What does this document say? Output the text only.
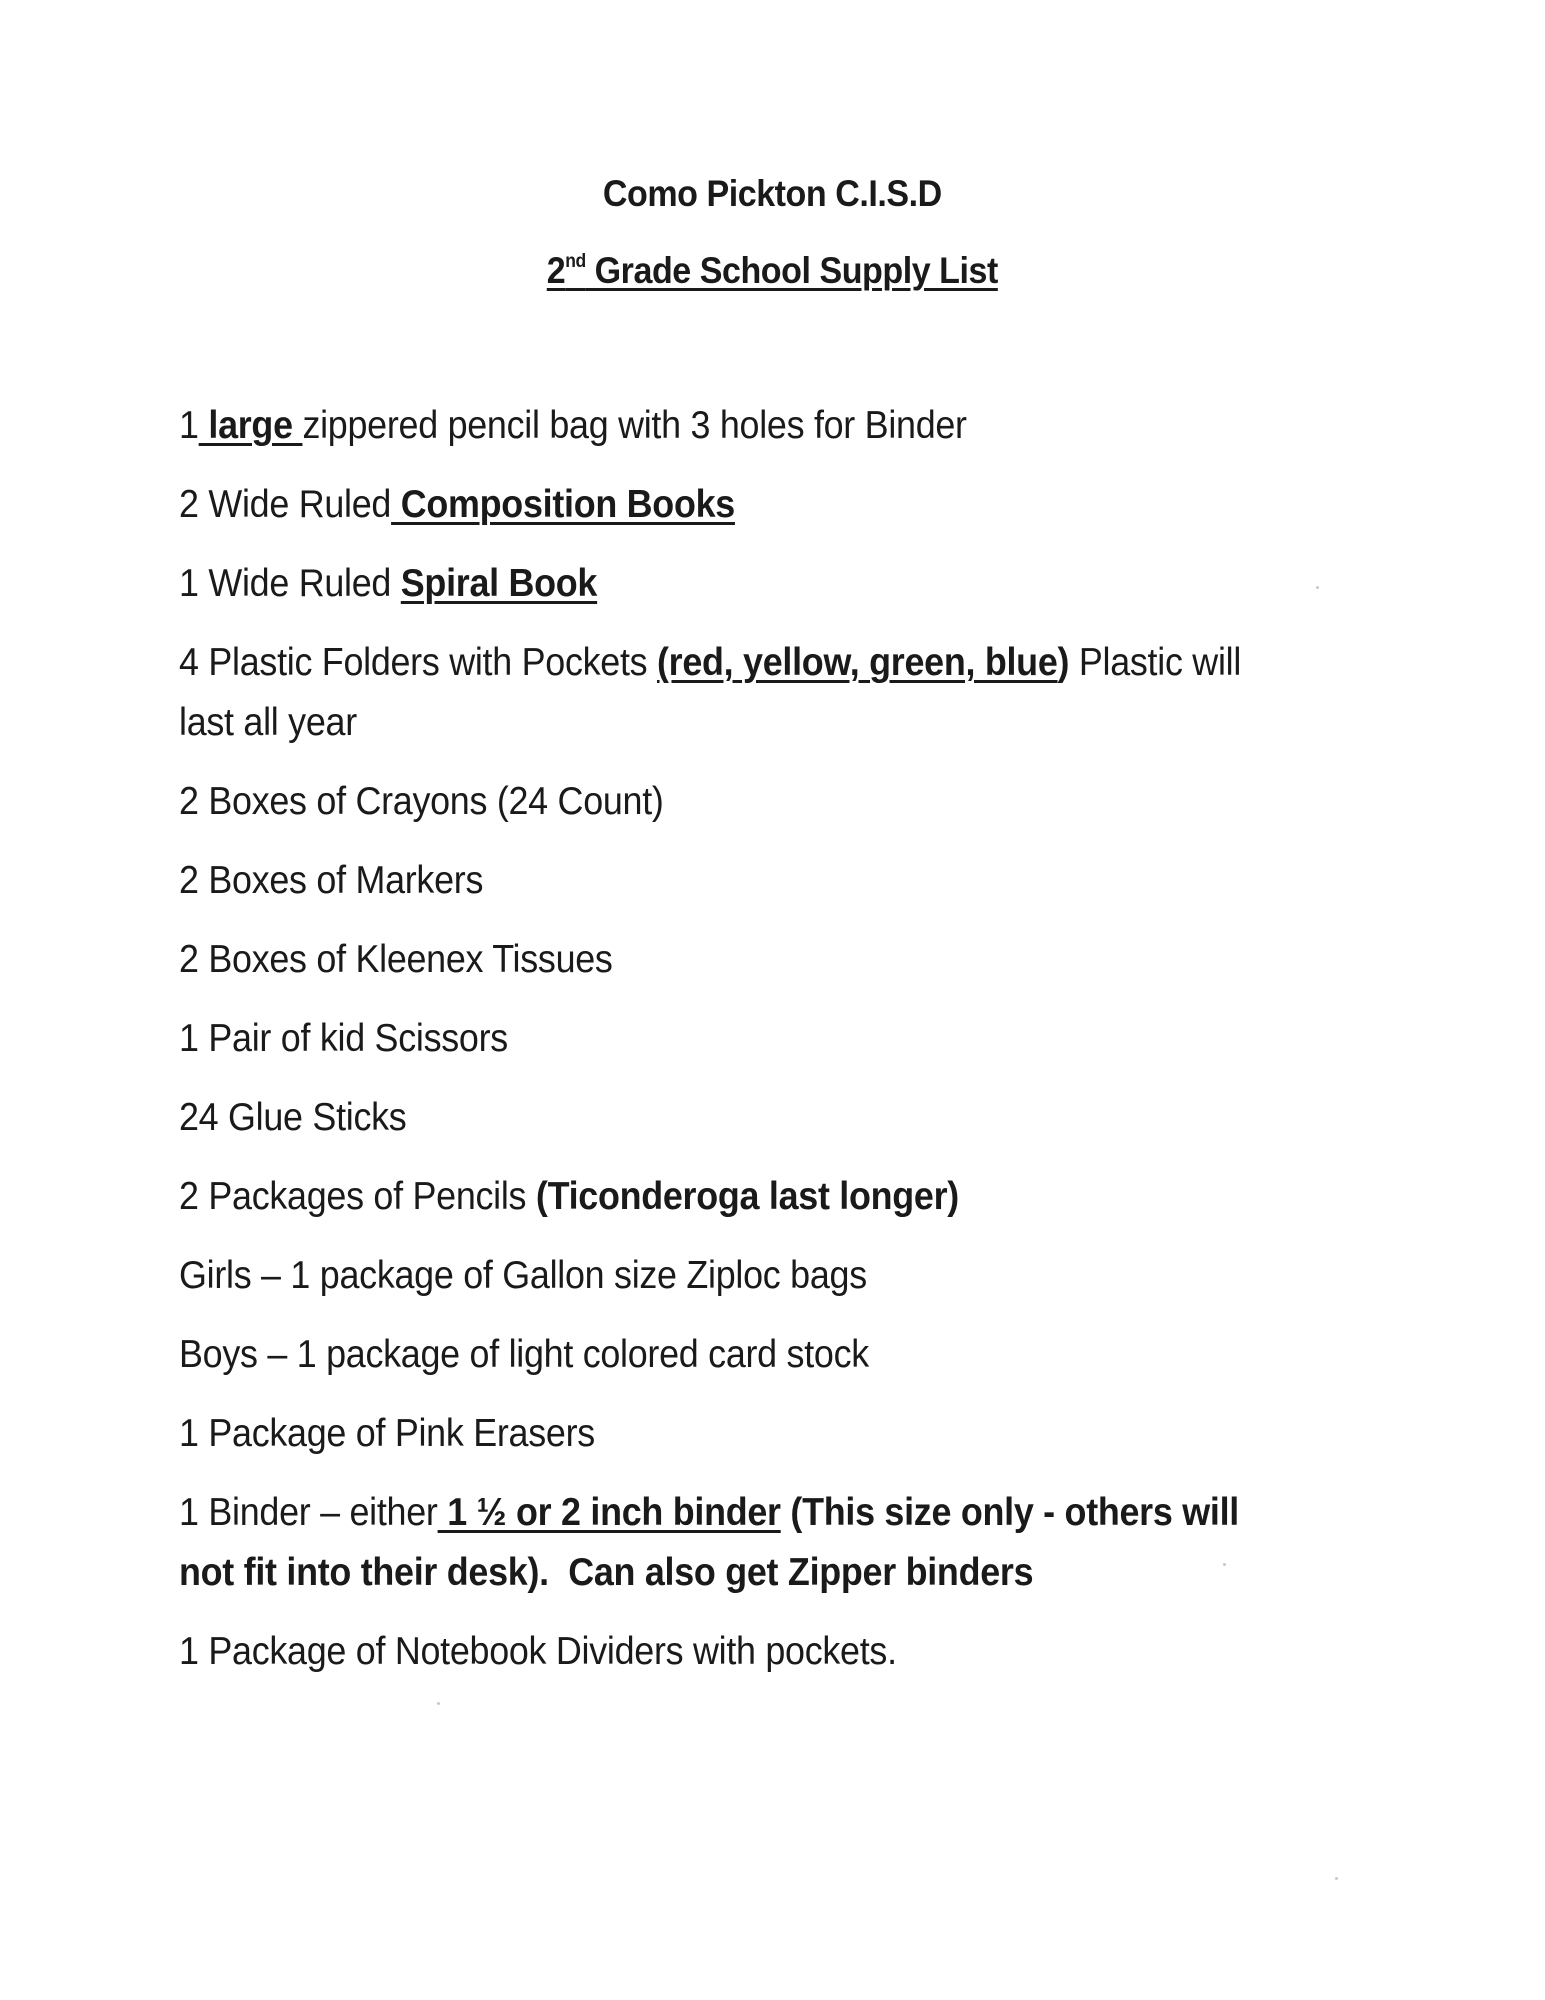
Como Pickton C.I.S.D
2nd Grade School Supply List
1 large zippered pencil bag with 3 holes for Binder
2 Wide Ruled Composition Books
1 Wide Ruled Spiral Book
4 Plastic Folders with Pockets (red, yellow, green, blue) Plastic will last all year
2 Boxes of Crayons (24 Count)
2 Boxes of Markers
2 Boxes of Kleenex Tissues
1 Pair of kid Scissors
24 Glue Sticks
2 Packages of Pencils (Ticonderoga last longer)
Girls – 1 package of Gallon size Ziploc bags
Boys – 1 package of light colored card stock
1 Package of Pink Erasers
1 Binder – either 1 ½ or 2 inch binder (This size only - others will not fit into their desk).  Can also get Zipper binders
1 Package of Notebook Dividers with pockets.
